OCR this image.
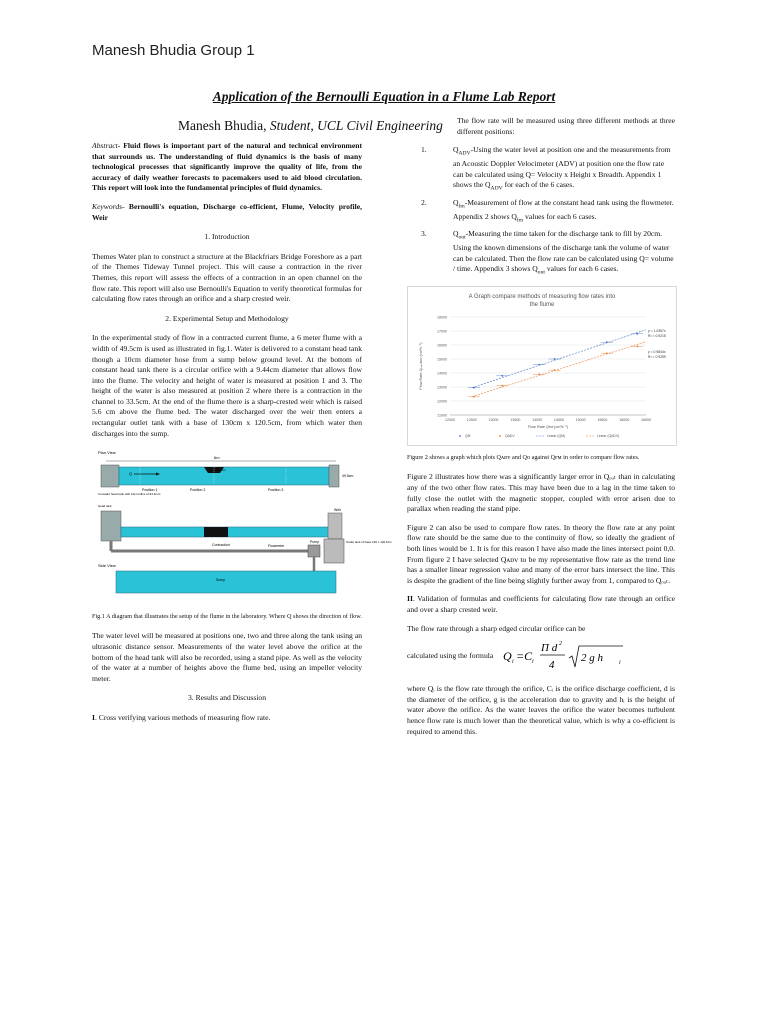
Manesh Bhudia Group 1
Application of the Bernoulli Equation in a Flume Lab Report
Manesh Bhudia, Student, UCL Civil Engineering

Abstract- Fluid flows is important part of the natural and technical environment that surrounds us. The understanding of fluid dynamics is the basis of many technological processes that significantly improve the quality of life, from the accuracy of daily weather forecasts to pacemakers used to aid blood circulation. This report will look into the fundamental principles of fluid dynamics.

Keywords- Bernoulli's equation, Discharge co-efficient, Flume, Velocity profile, Weir

1. Introduction

Themes Water plan to construct a structure at the Blackfriars Bridge Foreshore as a part of the Themes Tideway Tunnel project. This will cause a contraction in the river Themes, this report will assess the effects of a contraction in an open channel on the flow rate. This report will also use Bernoulli's Equation to verify theoretical formulas for calculating flow rates through an orifice and a sharp crested weir.

2. Experimental Setup and Methodology

In the experimental study of flow in a contracted current flume, a 6 meter flume with a width of 49.5cm is used as illustrated in fig.1. Water is delivered to a constant head tank though a 10cm diameter hose from a sump below ground level. At the bottom of constant head tank there is a circular orifice with a 9.44cm diameter that allows flow into the flume. The velocity and height of water is measured at position 1 and 3. The height of the water is also measured at position 2 where there is a contraction in the channel to 33.5cm. At the end of the flume there is a sharp-crested weir which is raised 5.6 cm above the flume bed. The water discharged over the weir then enters a rectangular outlet tank with a base of 130cm x 120.5cm, from which water then discharges into the sump.

Plan View
6m
Q
Position 1	Position 2	Position 3
33.5cm
49.5cm
Constant head tank with inlet orifice of 94.4mm
Weir
Contraction	Flowmeter
Pump	Outlet tank of base 130 x 120.5cm
Side View
Head tank
Sump

Fig.1 A diagram that illustrates the setup of the flume in the laboratory. Where Q shows the direction of flow.

The water level will be measured at positions one, two and three along the tank using an ultrasonic distance sensor. Measurements of the water level above the orifice at the bottom of the head tank will also be recorded, using a stand pipe. As well as the velocity of the water at a number of heights above the flume bed, using an impeller velocity meter.

3. Results and Discussion

I. Cross verifying various methods of measuring flow rate.

The flow rate will be measured using three different methods at three different positions:

1.	$Q_{ADV}$-Using the water level at position one and the measurements from an Acoustic Doppler Velocimeter (ADV) at position one the flow rate can be calculated using Q= Velocity x Height x Breadth. Appendix 1 shows the $Q_{ADV}$ for each of the 6 cases.
2.	$Q_{fm}$-Measurement of flow at the constant head tank using the flowmeter. Appendix 2 shows $Q_{fm}$ values for each 6 cases.
3.	$Q_{out}$-Measuring the time taken for the discharge tank to fill by 20cm. Using the known dimensions of the discharge tank the volume of water can be calculated. Then the flow rate can be calculated using Q= volume / time. Appendix 3 shows $Q_{out}$ values for each 6 cases.
A Graph compare methods of measuring flow rates into
the flume
11000
12000
13000
14000
15000
16000
17000
18000
12000	12500	13000	13500	14000	14500	15000	15500	16000	16500
Flow Rate Qғᴍ (cm³s⁻¹)
Flow Rate Qₒᵤₜ/ᴀᴅᴠ (cm³s⁻¹)
y = 1.0357x
R² = 0.9215
y = 0.9844x
R² = 0.9259
QM	QADV	Linear (QM)	Linear (QADV)

Figure 2 shows a graph which plots Qᴀᴅᴠ and Qᴏ against Qғᴍ in order to compare flow rates.

Figure 2 illustrates how there was a significantly larger error in Qₒᵤₜ than in calculating any of the two other flow rates. This may have been due to a lag in the time taken to fully close the outlet with the magnetic stopper, coupled with error arisen due to parallax when reading the stand pipe.

Figure 2 can also be used to compare flow rates. In theory the flow rate at any point flow rate should be the same due to the continuity of flow, so ideally the gradient of both lines would be 1. It is for this reason I have also made the lines intersect point 0,0. From figure 2 I have selected Qᴀᴅᴠ to be my representative flow rate as the trend line has a smaller linear regression value and many of the error bars intersect the line. This is despite the gradient of the line being slightly further away from 1, compared to Qₒᵤₜ.

II. Validation of formulas and coefficients for calculating flow rate through an orifice and over a sharp crested weir.

The flow rate through a sharp edged circular orifice can be

calculated using the formula Q i =C i
Π d 2
4
2 g h	i

where Qᵢ is the flow rate through the orifice, Cᵢ is the orifice discharge coefficient, d is the diameter of the orifice, g is the acceleration due to gravity and hᵢ is the height of water above the orifice. As the water leaves the orifice the water becomes turbulent hence flow rate is much lower than the theoretical value, which is why a co-efficient is required to amend this.
